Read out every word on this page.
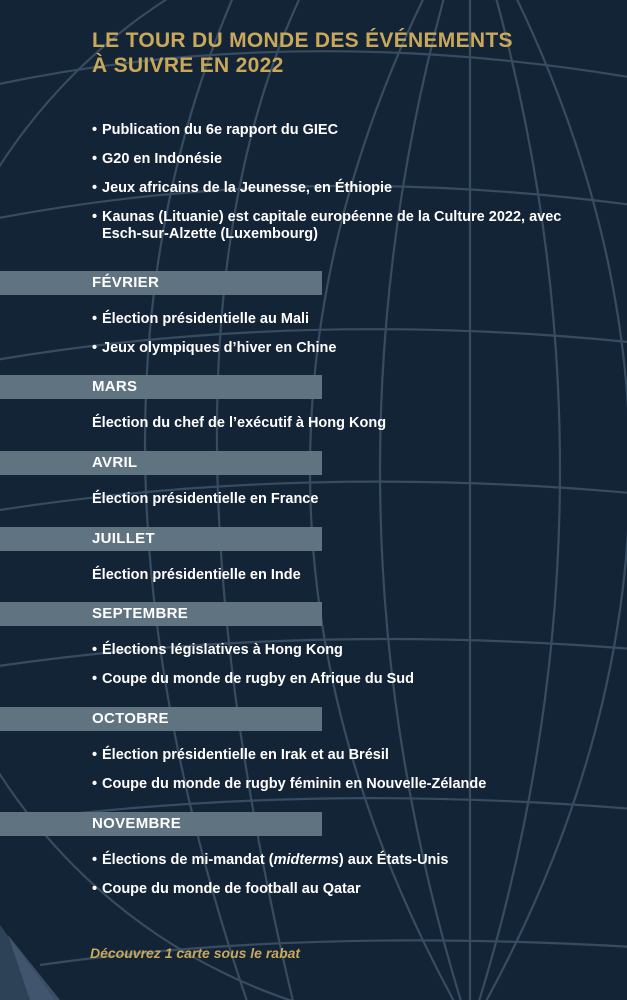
LE TOUR DU MONDE DES ÉVÉNEMENTS
À SUIVRE EN 2022
• Publication du 6e rapport du GIEC
• G20 en Indonésie
• Jeux africains de la Jeunesse, en Éthiopie
• Kaunas (Lituanie) est capitale européenne de la Culture 2022, avec Esch-sur-Alzette (Luxembourg)
FÉVRIER
• Élection présidentielle au Mali
• Jeux olympiques d’hiver en Chine
MARS
Élection du chef de l’exécutif à Hong Kong
AVRIL
Élection présidentielle en France
JUILLET
Élection présidentielle en Inde
SEPTEMBRE
• Élections législatives à Hong Kong
• Coupe du monde de rugby en Afrique du Sud
OCTOBRE
• Élection présidentielle en Irak et au Brésil
• Coupe du monde de rugby féminin en Nouvelle-Zélande
NOVEMBRE
• Élections de mi-mandat (midterms) aux États-Unis
• Coupe du monde de football au Qatar
Découvrez 1 carte sous le rabat
